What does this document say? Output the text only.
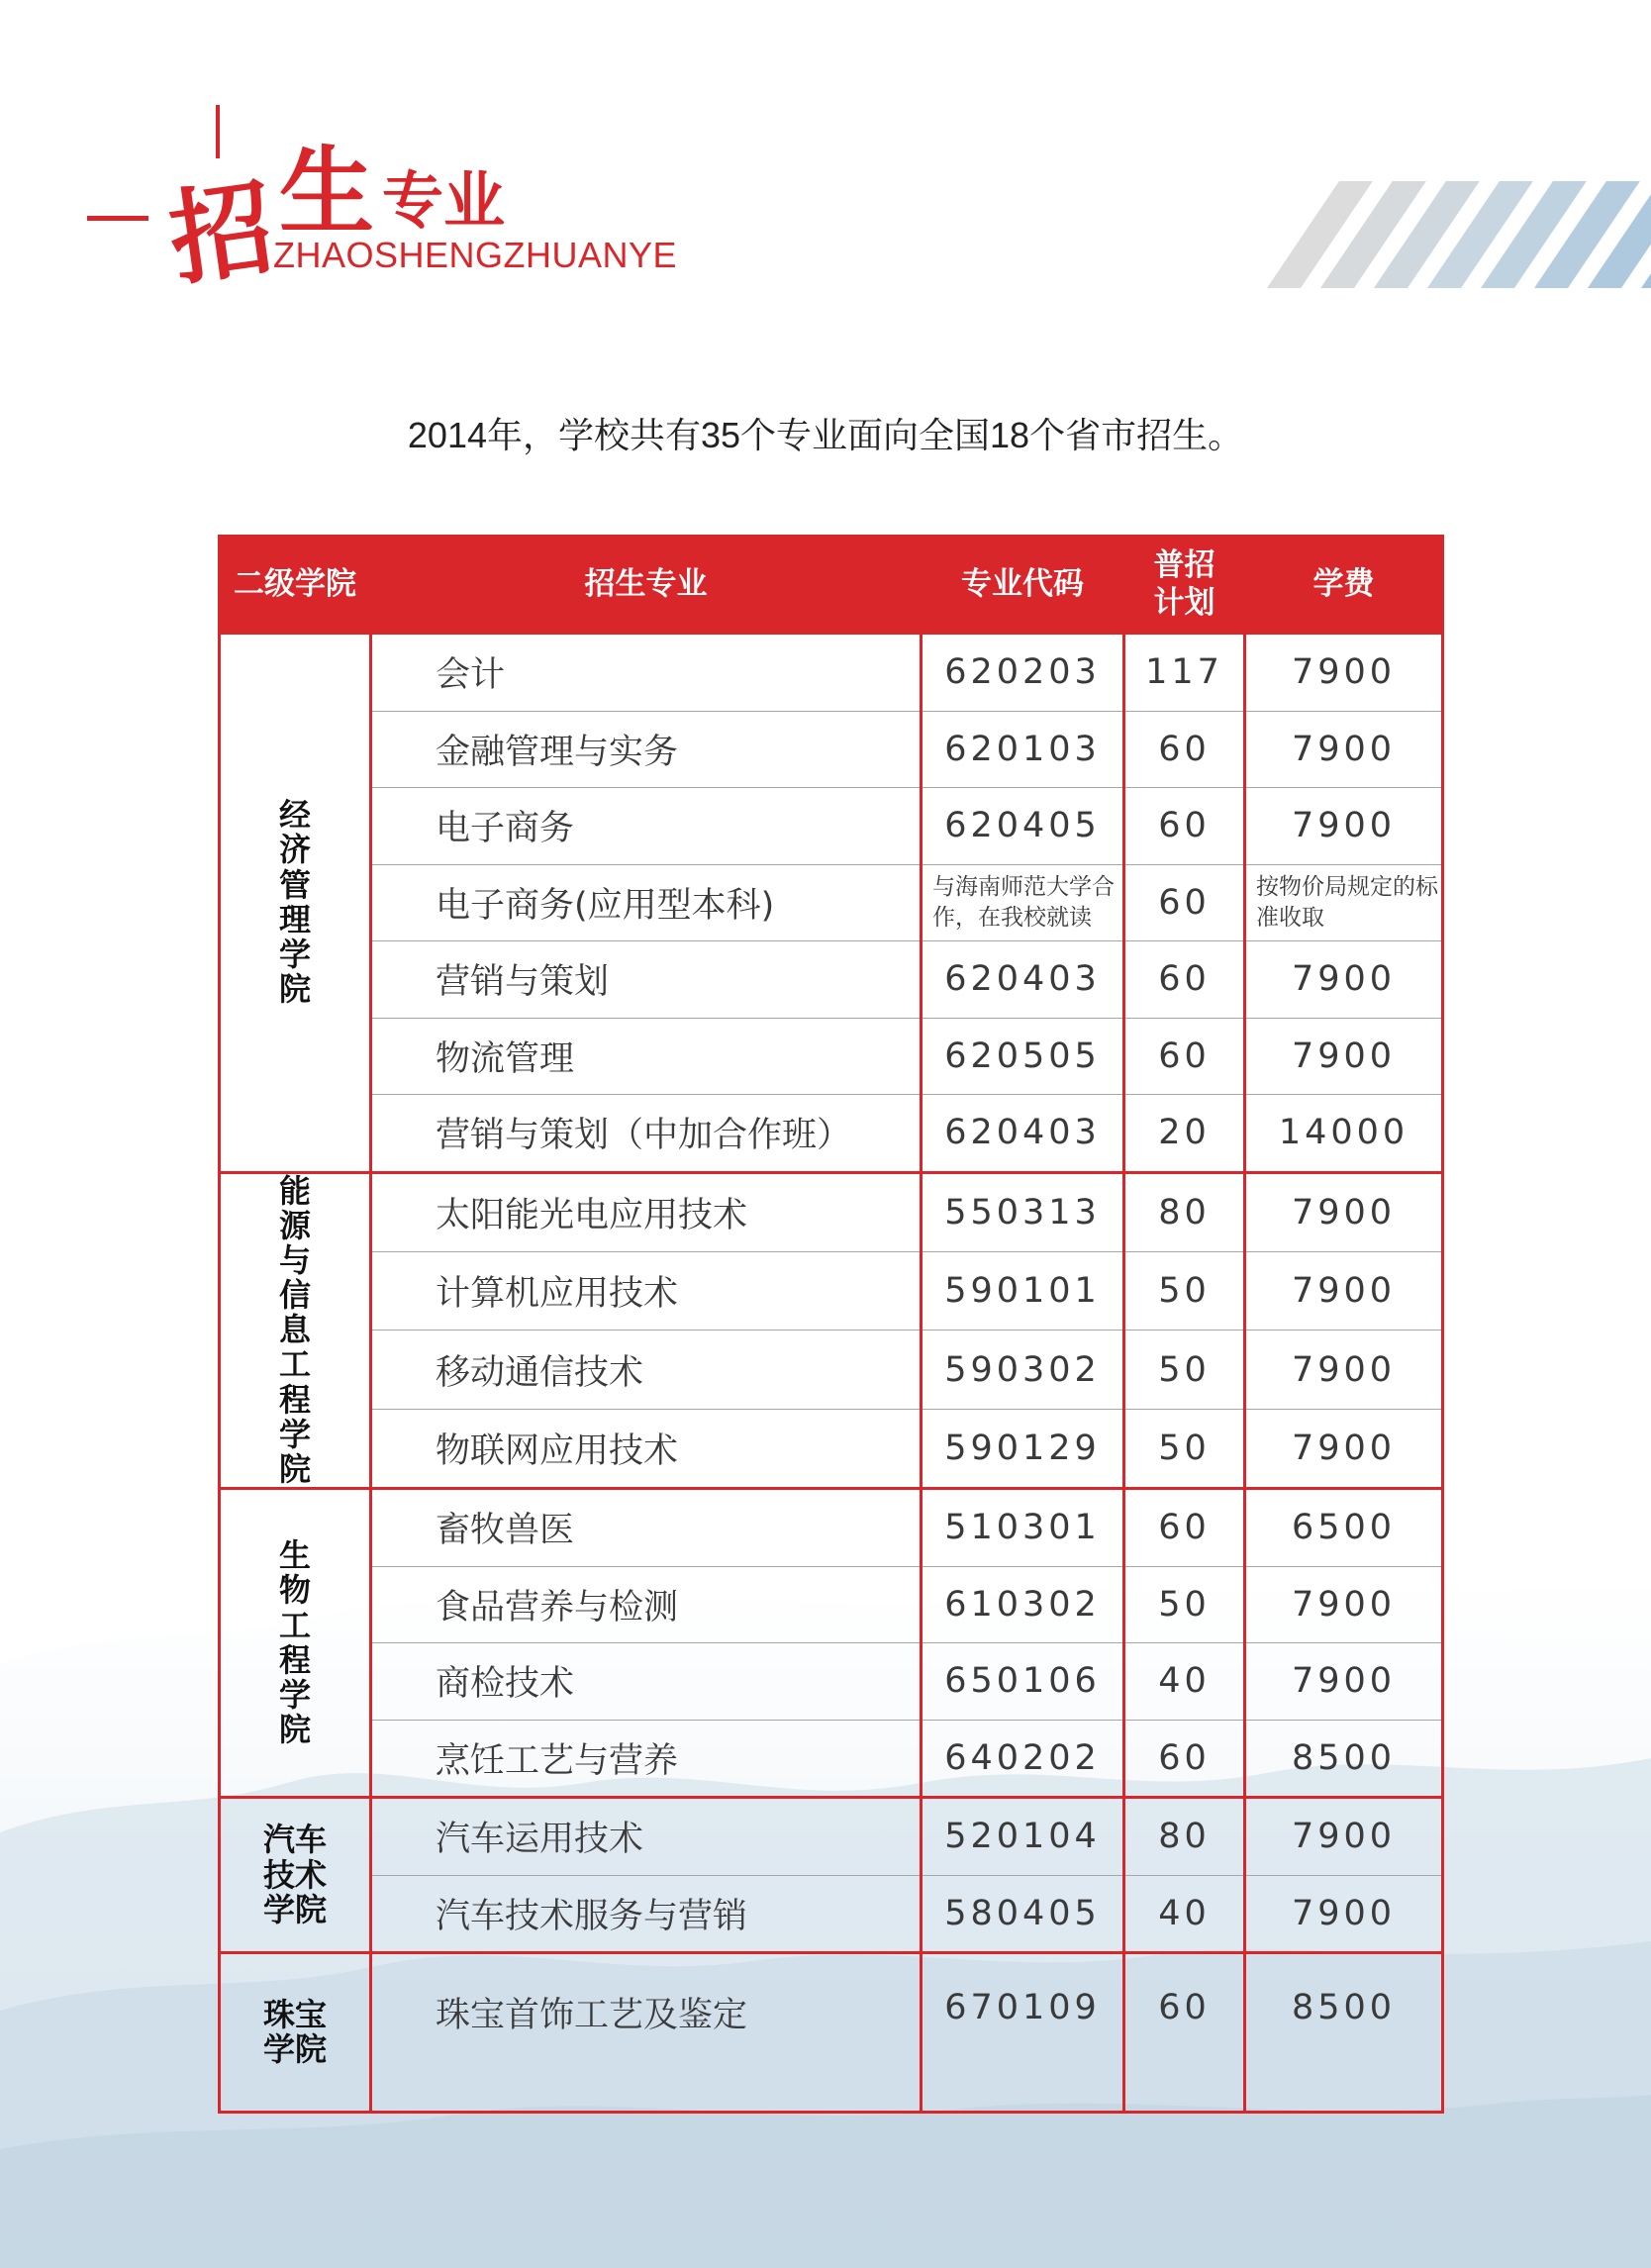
招
生 专业
ZHAOSHENGZHUANYE
2014年，学校共有35个专业面向全国18个省市招生。
二级学院	招生专业	专业代码	普招计划	学费
经济管理学院	会计	620203	117	7900
	金融管理与实务	620103	60	7900
	电子商务	620405	60	7900
	电子商务(应用型本科)	与海南师范大学合作，在我校就读	60	按物价局规定的标准收取
	营销与策划	620403	60	7900
	物流管理	620505	60	7900
	营销与策划（中加合作班）	620403	20	14000
能源与信息工程学院	太阳能光电应用技术	550313	80	7900
	计算机应用技术	590101	50	7900
	移动通信技术	590302	50	7900
	物联网应用技术	590129	50	7900
生物工程学院	畜牧兽医	510301	60	6500
	食品营养与检测	610302	50	7900
	商检技术	650106	40	7900
	烹饪工艺与营养	640202	60	8500
汽车技术学院	汽车运用技术	520104	80	7900
	汽车技术服务与营销	580405	40	7900
珠宝学院	珠宝首饰工艺及鉴定	670109	60	8500
